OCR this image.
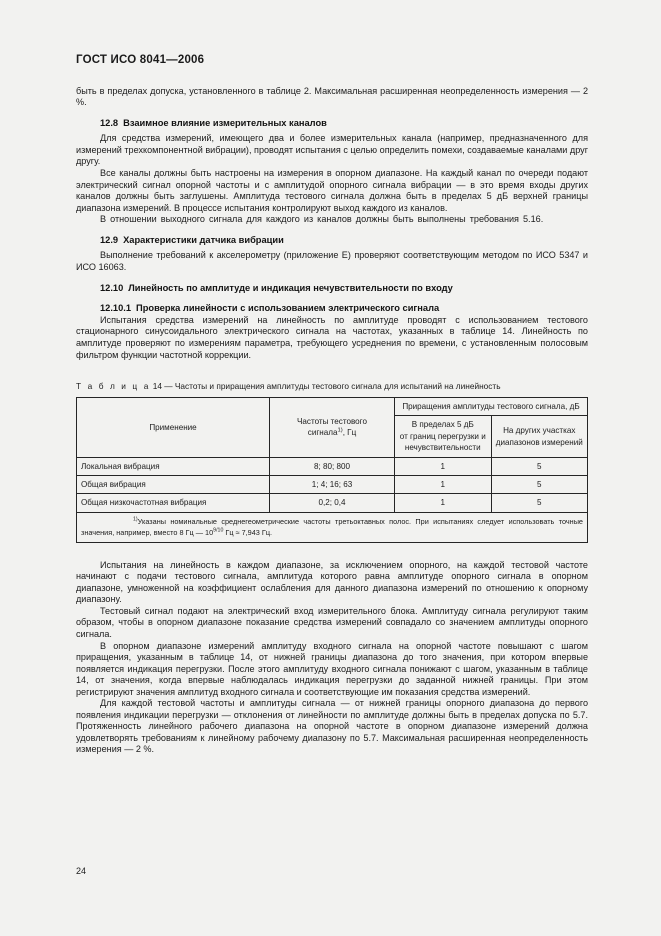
ГОСТ ИСО 8041—2006

быть в пределах допуска, установленного в таблице 2. Максимальная расширенная неопределенность измерения — 2 %.

12.8 Взаимное влияние измерительных каналов

Для средства измерений, имеющего два и более измерительных канала (например, предназначенного для измерений трехкомпонентной вибрации), проводят испытания с целью определить помехи, создаваемые каналами друг другу.

Все каналы должны быть настроены на измерения в опорном диапазоне. На каждый канал по очереди подают электрический сигнал опорной частоты и с амплитудой опорного сигнала вибрации — в это время входы других каналов должны быть заглушены. Амплитуда тестового сигнала должна быть в пределах 5 дБ верхней границы диапазона измерений. В процессе испытания контролируют выход каждого из каналов.

В отношении выходного сигнала для каждого из каналов должны быть выполнены требования 5.16.

12.9 Характеристики датчика вибрации

Выполнение требований к акселерометру (приложение Е) проверяют соответствующим методом по ИСО 5347 и ИСО 16063.

12.10 Линейность по амплитуде и индикация нечувствительности по входу
12.10.1 Проверка линейности с использованием электрического сигнала

Испытания средства измерений на линейность по амплитуде проводят с использованием тестового стационарного синусоидального электрического сигнала на частотах, указанных в таблице 14. Линейность по амплитуде проверяют по измерениям параметра, требующего усреднения по времени, с установленным полосовым фильтром функции частотной коррекции.

Т а б л и ц а 14 — Частоты и приращения амплитуды тестового сигнала для испытаний на линейность
Применение	Частоты тестового
сигнала$^{1)}$, Гц	Приращения амплитуды тестового сигнала, дБ	
		В пределах 5 дБ
от границ перегрузки и
нечувствительности	На других участках
диапазонов измерений
Локальная вибрация	8; 80; 800	1	5
Общая вибрация	1; 4; 16; 63	1	5
Общая низкочастотная вибрация	0,2; 0,4	1	5
$^{1)}$Указаны номинальные среднегеометрические частоты третьоктавных полос. При испытаниях следует использовать точные значения, например, вместо 8 Гц — $10^{9/10}$ Гц ≈ 7,943 Гц.			

Испытания на линейность в каждом диапазоне, за исключением опорного, на каждой тестовой частоте начинают с подачи тестового сигнала, амплитуда которого равна амплитуде опорного сигнала в опорном диапазоне, умноженной на коэффициент ослабления для данного диапазона измерений по отношению к опорному диапазону.

Тестовый сигнал подают на электрический вход измерительного блока. Амплитуду сигнала регулируют таким образом, чтобы в опорном диапазоне показание средства измерений совпадало со значением амплитуды опорного сигнала.

В опорном диапазоне измерений амплитуду входного сигнала на опорной частоте повышают с шагом приращения, указанным в таблице 14, от нижней границы диапазона до того значения, при котором впервые появляется индикация перегрузки. После этого амплитуду входного сигнала понижают с шагом, указанным в таблице 14, от значения, когда впервые наблюдалась индикация перегрузки до заданной нижней границы. При этом регистрируют значения амплитуд входного сигнала и соответствующие им показания средства измерений.

Для каждой тестовой частоты и амплитуды сигнала — от нижней границы опорного диапазона до первого появления индикации перегрузки — отклонения от линейности по амплитуде должны быть в пределах допуска по 5.7. Протяженность линейного рабочего диапазона на опорной частоте в опорном диапазоне измерений должна удовлетворять требованиям к линейному рабочему диапазону по 5.7. Максимальная расширенная неопределенность измерения — 2 %.

24
